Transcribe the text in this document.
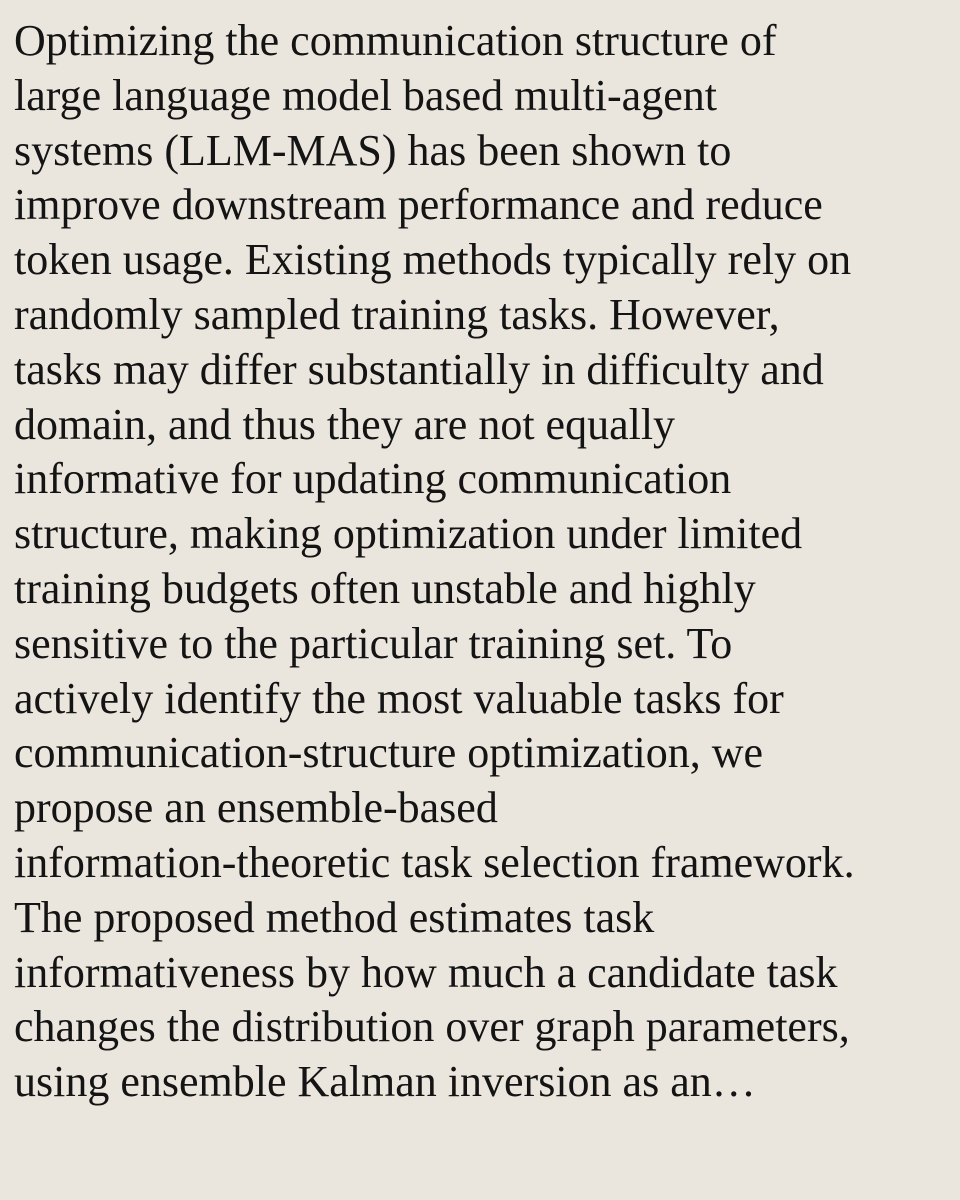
Optimizing the communication structure of
large language model based multi-agent
systems (LLM-MAS) has been shown to
improve downstream performance and reduce
token usage. Existing methods typically rely on
randomly sampled training tasks. However,
tasks may differ substantially in difficulty and
domain, and thus they are not equally
informative for updating communication
structure, making optimization under limited
training budgets often unstable and highly
sensitive to the particular training set. To
actively identify the most valuable tasks for
communication-structure optimization, we
propose an ensemble-based
information-theoretic task selection framework.
The proposed method estimates task
informativeness by how much a candidate task
changes the distribution over graph parameters,
using ensemble Kalman inversion as an…
